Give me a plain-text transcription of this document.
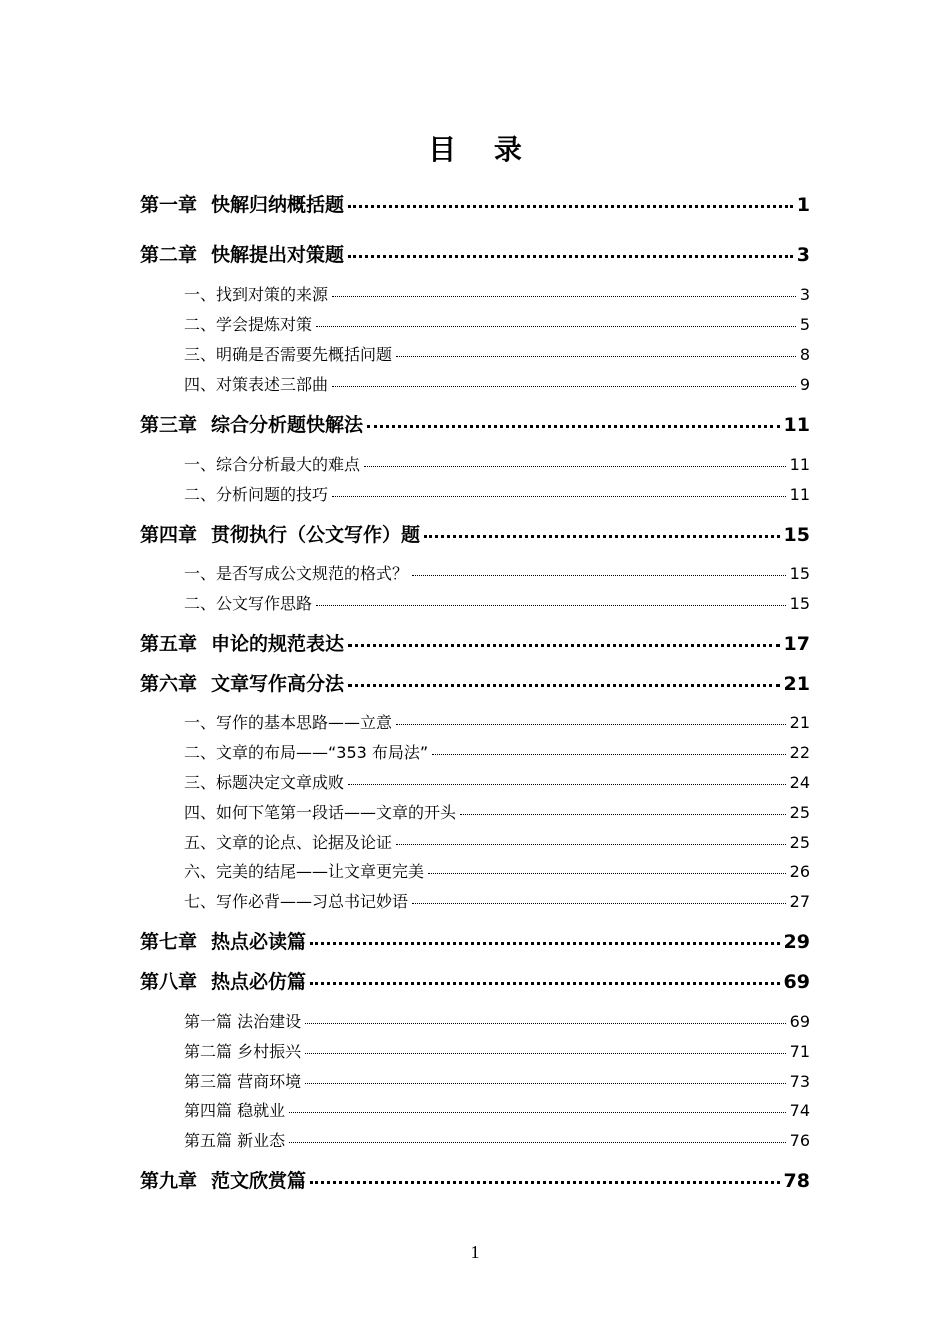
目 录
第一章 快解归纳概括题	1
第二章 快解提出对策题	3
一、找到对策的来源	3
二、学会提炼对策	5
三、明确是否需要先概括问题	8
四、对策表述三部曲	9
第三章 综合分析题快解法	11
一、综合分析最大的难点	11
二、分析问题的技巧	11
第四章 贯彻执行（公文写作）题	15
一、是否写成公文规范的格式？	15
二、公文写作思路	15
第五章 申论的规范表达	17
第六章 文章写作高分法	21
一、写作的基本思路——立意	21
二、文章的布局——“353 布局法”	22
三、标题决定文章成败	24
四、如何下笔第一段话——文章的开头	25
五、文章的论点、论据及论证	25
六、完美的结尾——让文章更完美	26
七、写作必背——习总书记妙语	27
第七章 热点必读篇	29
第八章 热点必仿篇	69
第一篇 法治建设	69
第二篇 乡村振兴	71
第三篇 营商环境	73
第四篇 稳就业	74
第五篇 新业态	76
第九章 范文欣赏篇	78
1
